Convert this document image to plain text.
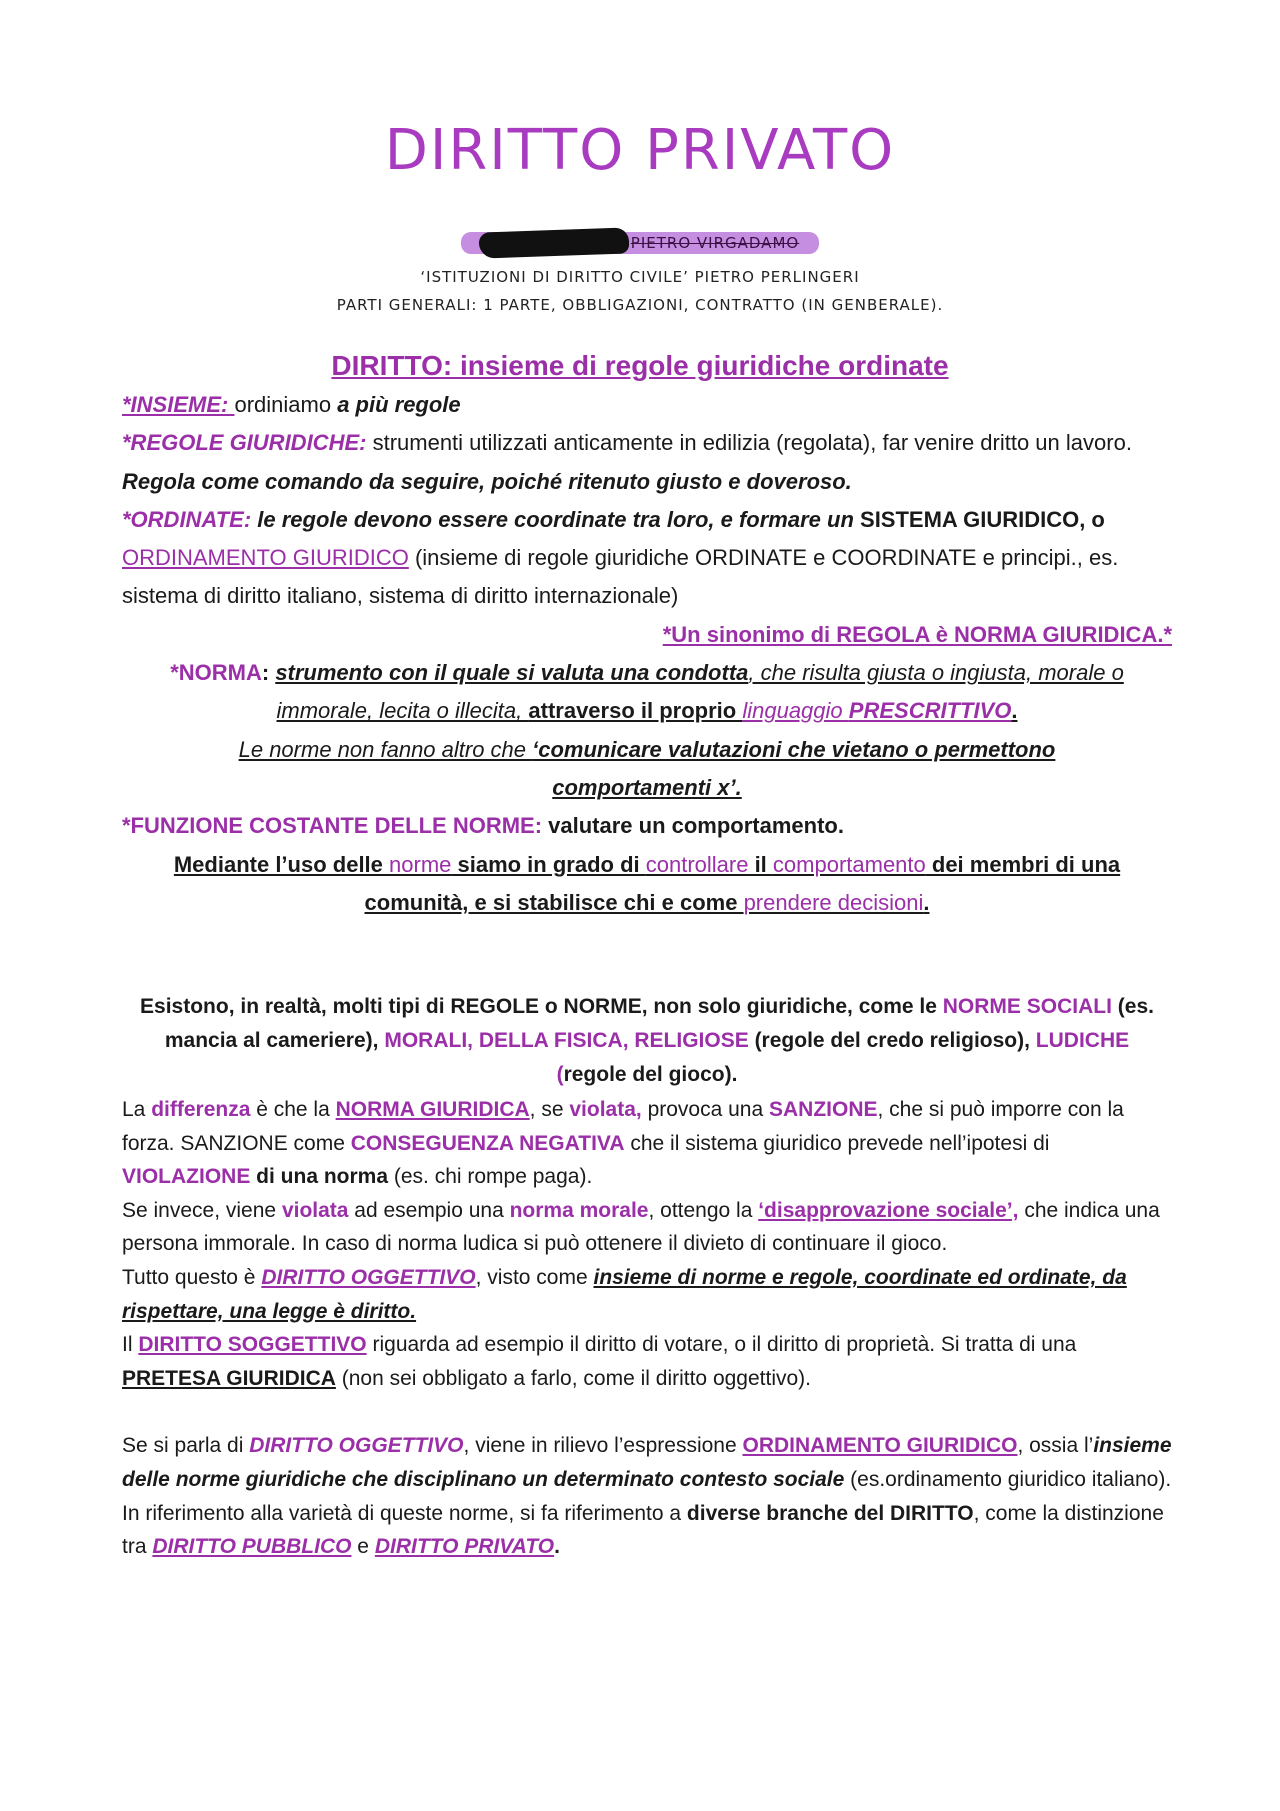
DIRITTO PRIVATO
PIETRO VIRGADAMO
‘ISTITUZIONI DI DIRITTO CIVILE’ PIETRO PERLINGERI
PARTI GENERALI: 1 PARTE, OBBLIGAZIONI, CONTRATTO (IN GENBERALE).
DIRITTO: insieme di regole giuridiche ordinate

*INSIEME: ordiniamo a più regole

*REGOLE GIURIDICHE: strumenti utilizzati anticamente in edilizia (regolata), far venire dritto un lavoro. Regola come comando da seguire, poiché ritenuto giusto e doveroso.

*ORDINATE: le regole devono essere coordinate tra loro, e formare un SISTEMA GIURIDICO, o ORDINAMENTO GIURIDICO (insieme di regole giuridiche ORDINATE e COORDINATE e principi., es. sistema di diritto italiano, sistema di diritto internazionale)

*Un sinonimo di REGOLA è NORMA GIURIDICA.*

*NORMA: strumento con il quale si valuta una condotta, che risulta giusta o ingiusta, morale o immorale, lecita o illecita, attraverso il proprio linguaggio PRESCRITTIVO.

Le norme non fanno altro che ‘comunicare valutazioni che vietano o permettono comportamenti x’.

*FUNZIONE COSTANTE DELLE NORME: valutare un comportamento.

Mediante l’uso delle norme siamo in grado di controllare il comportamento dei membri di una comunità, e si stabilisce chi e come prendere decisioni.

Esistono, in realtà, molti tipi di REGOLE o NORME, non solo giuridiche, come le NORME SOCIALI (es. mancia al cameriere), MORALI, DELLA FISICA, RELIGIOSE (regole del credo religioso), LUDICHE (regole del gioco).

La differenza è che la NORMA GIURIDICA, se violata, provoca una SANZIONE, che si può imporre con la forza. SANZIONE come CONSEGUENZA NEGATIVA che il sistema giuridico prevede nell’ipotesi di VIOLAZIONE di una norma (es. chi rompe paga).

Se invece, viene violata ad esempio una norma morale, ottengo la ‘disapprovazione sociale’, che indica una persona immorale. In caso di norma ludica si può ottenere il divieto di continuare il gioco.

Tutto questo è DIRITTO OGGETTIVO, visto come insieme di norme e regole, coordinate ed ordinate, da rispettare, una legge è diritto.

Il DIRITTO SOGGETTIVO riguarda ad esempio il diritto di votare, o il diritto di proprietà. Si tratta di una PRETESA GIURIDICA (non sei obbligato a farlo, come il diritto oggettivo).

Se si parla di DIRITTO OGGETTIVO, viene in rilievo l’espressione ORDINAMENTO GIURIDICO, ossia l’insieme delle norme giuridiche che disciplinano un determinato contesto sociale (es.ordinamento giuridico italiano). In riferimento alla varietà di queste norme, si fa riferimento a diverse branche del DIRITTO, come la distinzione tra DIRITTO PUBBLICO e DIRITTO PRIVATO.
